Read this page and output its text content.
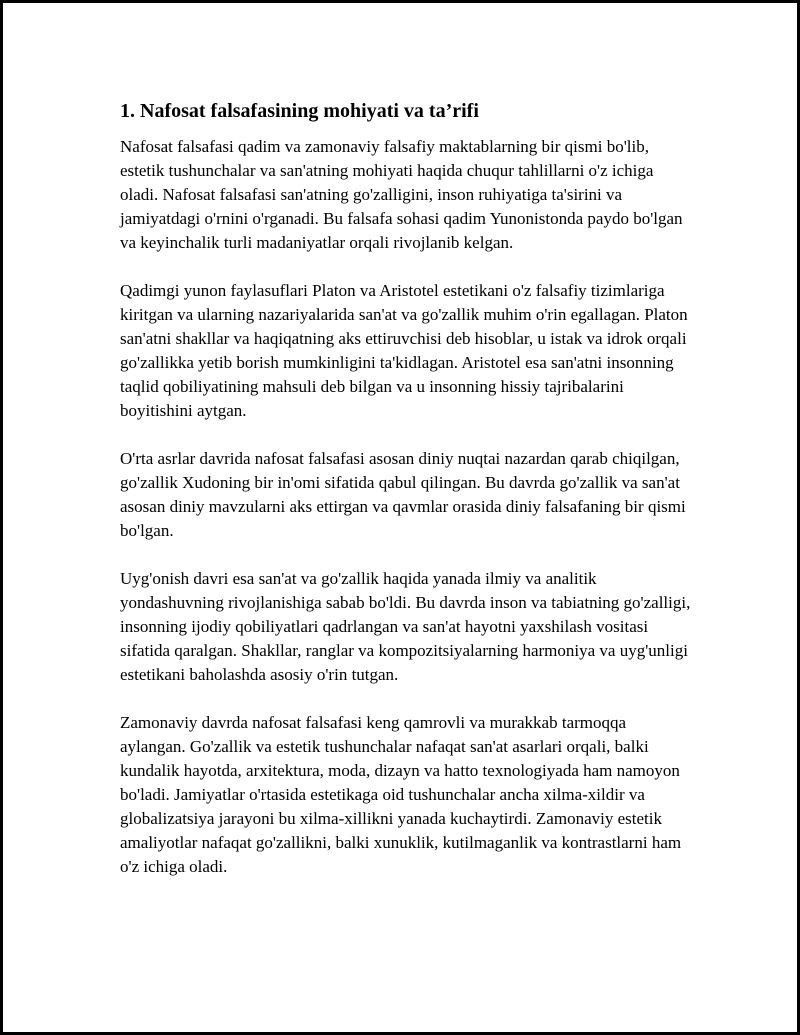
1. Nafosat falsafasining mohiyati va ta’rifi

Nafosat falsafasi qadim va zamonaviy falsafiy maktablarning bir qismi bo'lib, estetik tushunchalar va san'atning mohiyati haqida chuqur tahlillarni o'z ichiga oladi. Nafosat falsafasi san'atning go'zalligini, inson ruhiyatiga ta'sirini va jamiyatdagi o'rnini o'rganadi. Bu falsafa sohasi qadim Yunonistonda paydo bo'lgan va keyinchalik turli madaniyatlar orqali rivojlanib kelgan.

Qadimgi yunon faylasuflari Platon va Aristotel estetikani o'z falsafiy tizimlariga kiritgan va ularning nazariyalarida san'at va go'zallik muhim o'rin egallagan. Platon san'atni shakllar va haqiqatning aks ettiruvchisi deb hisoblar, u istak va idrok orqali go'zallikka yetib borish mumkinligini ta'kidlagan. Aristotel esa san'atni insonning taqlid qobiliyatining mahsuli deb bilgan va u insonning hissiy tajribalarini boyitishini aytgan.

O'rta asrlar davrida nafosat falsafasi asosan diniy nuqtai nazardan qarab chiqilgan, go'zallik Xudoning bir in'omi sifatida qabul qilingan. Bu davrda go'zallik va san'at asosan diniy mavzularni aks ettirgan va qavmlar orasida diniy falsafaning bir qismi bo'lgan.

Uyg'onish davri esa san'at va go'zallik haqida yanada ilmiy va analitik yondashuvning rivojlanishiga sabab bo'ldi. Bu davrda inson va tabiatning go'zalligi, insonning ijodiy qobiliyatlari qadrlangan va san'at hayotni yaxshilash vositasi sifatida qaralgan. Shakllar, ranglar va kompozitsiyalarning harmoniya va uyg'unligi estetikani baholashda asosiy o'rin tutgan.

Zamonaviy davrda nafosat falsafasi keng qamrovli va murakkab tarmoqqa aylangan. Go'zallik va estetik tushunchalar nafaqat san'at asarlari orqali, balki kundalik hayotda, arxitektura, moda, dizayn va hatto texnologiyada ham namoyon bo'ladi. Jamiyatlar o'rtasida estetikaga oid tushunchalar ancha xilma-xildir va globalizatsiya jarayoni bu xilma-xillikni yanada kuchaytirdi. Zamonaviy estetik amaliyotlar nafaqat go'zallikni, balki xunuklik, kutilmaganlik va kontrastlarni ham o'z ichiga oladi.
